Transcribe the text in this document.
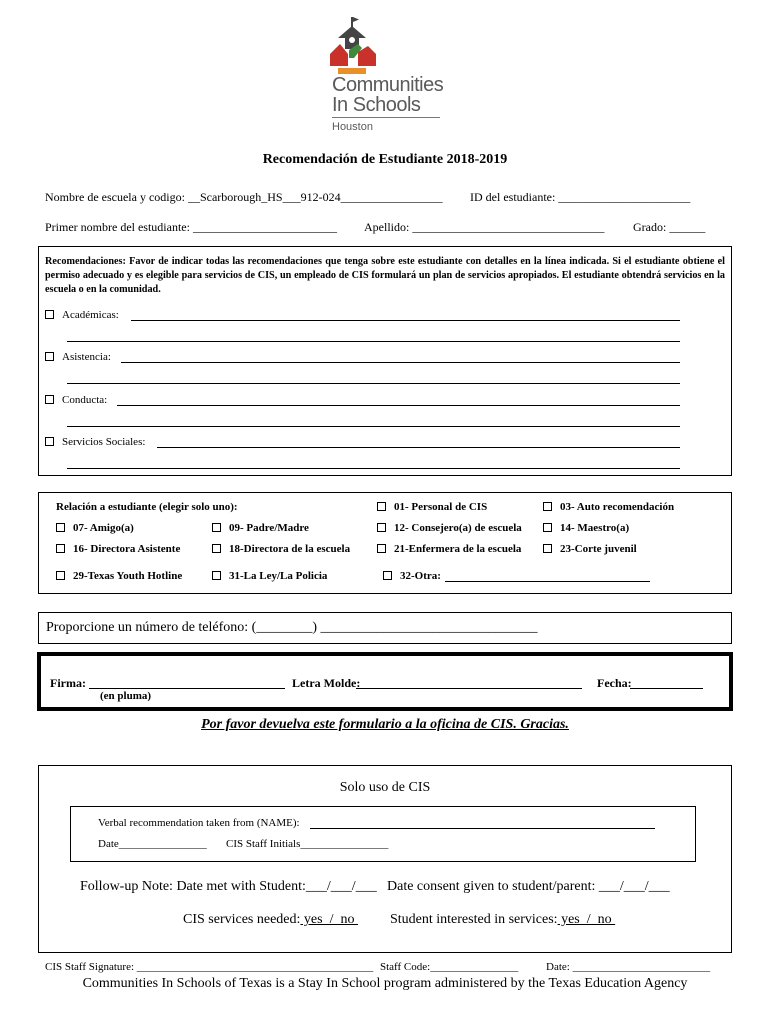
Communities
In Schools
Houston
Recomendación de Estudiante 2018-2019
Nombre de escuela y codigo: __Scarborough_HS___912-024_________________ ID del estudiante: ______________________
Primer nombre del estudiante: ________________________ Apellido: ________________________________ Grado: ______
Recomendaciones: Favor de indicar todas las recomendaciones que tenga sobre este estudiante con detalles en la línea indicada. Si el estudiante obtiene el permiso adecuado y es elegible para servicios de CIS, un empleado de CIS formulará un plan de servicios apropiados. El estudiante obtendrá servicios en la escuela o en la comunidad.
Académicas:
Asistencia:
Conducta:
Servicios Sociales:
Relación a estudiante (elegir solo uno):	01- Personal de CIS	03- Auto recomendación
07- Amigo(a)	09- Padre/Madre	12- Consejero(a) de escuela	14- Maestro(a)
16- Directora Asistente	18-Directora de la escuela	21-Enfermera de la escuela	23-Corte juvenil
29-Texas Youth Hotline	31-La Ley/La Policia	32-Otra:
Proporcione un número de teléfono: (________) _______________________________
Firma:
(en pluma)
Letra Molde:	Fecha:
Por favor devuelva este formulario a la oficina de CIS. Gracias.
Solo uso de CIS
Verbal recommendation taken from (NAME):
Date________________ CIS Staff Initials________________
Follow-up Note: Date met with Student:___/___/___ Date consent given to student/parent: ___/___/___
CIS services needed: yes  /  no Student interested in services: yes  /  no
CIS Staff Signature: ___________________________________________ Staff Code:________________	Date: _________________________
Communities In Schools of Texas is a Stay In School program administered by the Texas Education Agency
